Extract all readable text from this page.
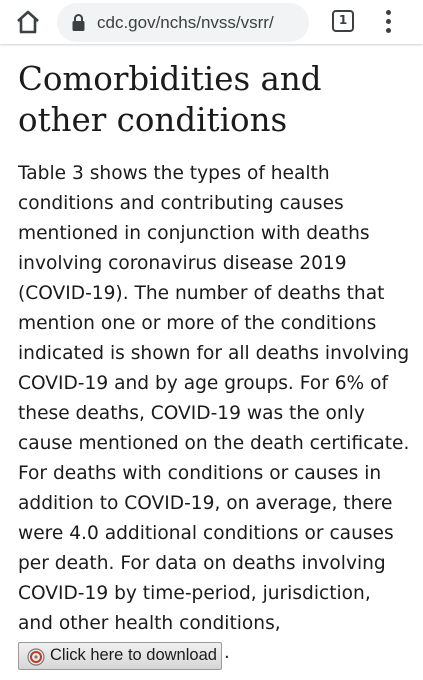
cdc.gov/nchs/nvss/vsrr/	1
Comorbidities and
other conditions
Table 3 shows the types of health
conditions and contributing causes
mentioned in conjunction with deaths
involving coronavirus disease 2019
(COVID-19). The number of deaths that
mention one or more of the conditions
indicated is shown for all deaths involving
COVID-19 and by age groups. For 6% of
these deaths, COVID-19 was the only
cause mentioned on the death certificate.
For deaths with conditions or causes in
addition to COVID-19, on average, there
were 4.0 additional conditions or causes
per death. For data on deaths involving
COVID-19 by time-period, jurisdiction,
and other health conditions,
Click here to download .
